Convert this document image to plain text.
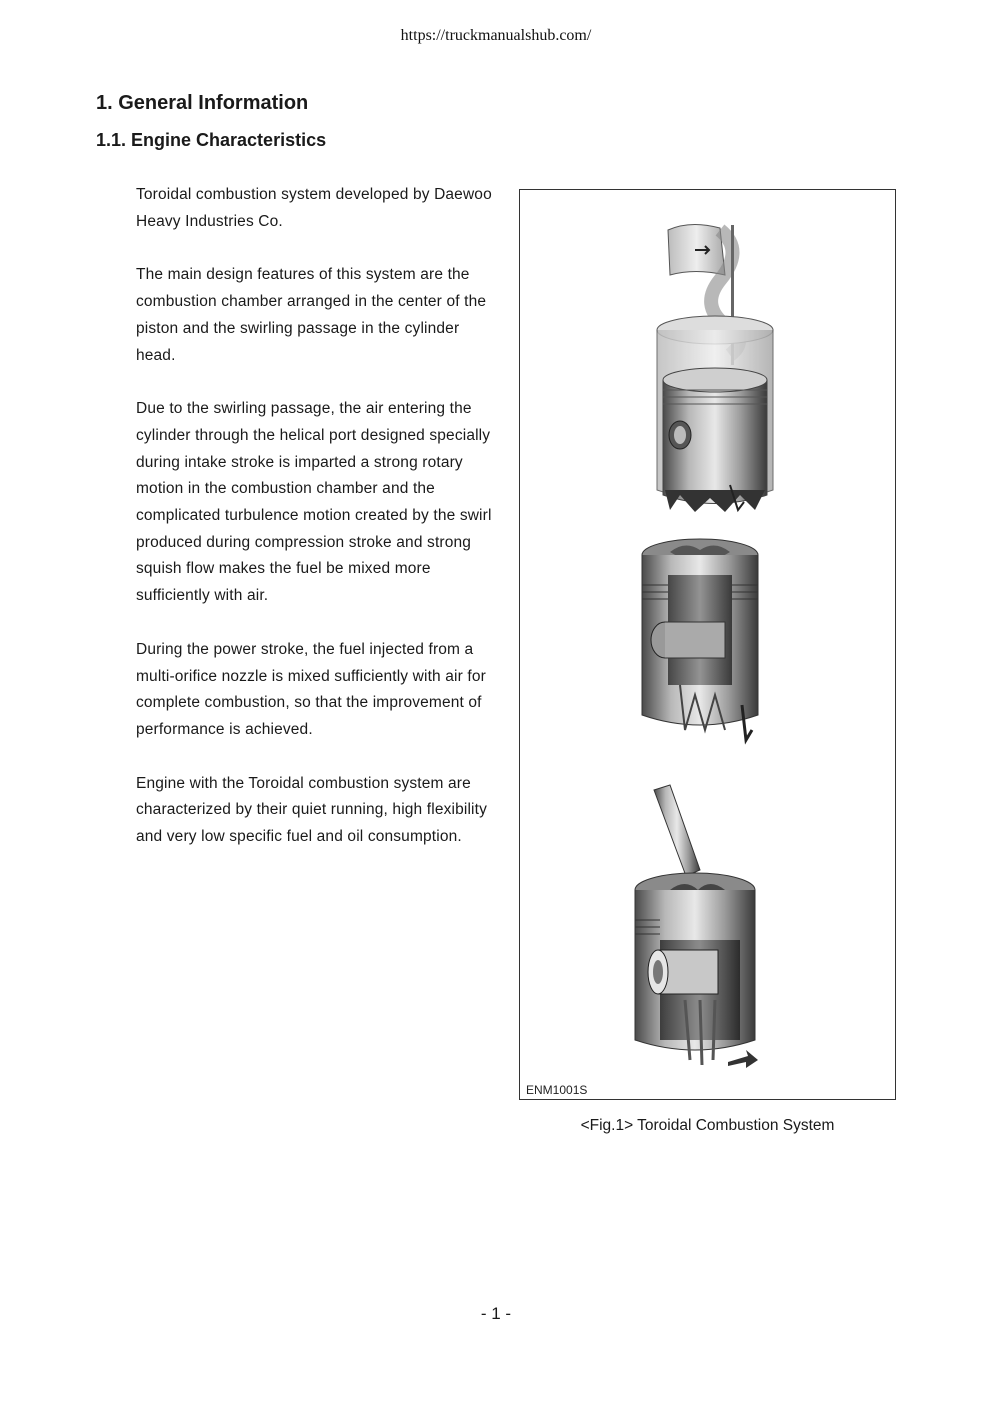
https://truckmanualshub.com/
1. General Information
1.1. Engine Characteristics

Toroidal combustion system developed by Daewoo Heavy Industries Co.

The main design features of this system are the combustion chamber arranged in the center of the piston and the swirling passage in the cylinder head.

Due to the swirling passage, the air entering the cylinder through the helical port designed specially during intake stroke is imparted a strong rotary motion in the combustion chamber and the complicated turbulence motion created by the swirl produced during compression stroke and strong squish flow makes the fuel be mixed more sufficiently with air.

During the power stroke, the fuel injected from a multi-orifice nozzle is mixed sufficiently with air for complete combustion, so that the improvement of performance is achieved.

Engine with the Toroidal combustion system are characterized by their quiet running, high flexibility and very low specific fuel and oil consumption.

ENM1001S
<Fig.1> Toroidal Combustion System
- 1 -
